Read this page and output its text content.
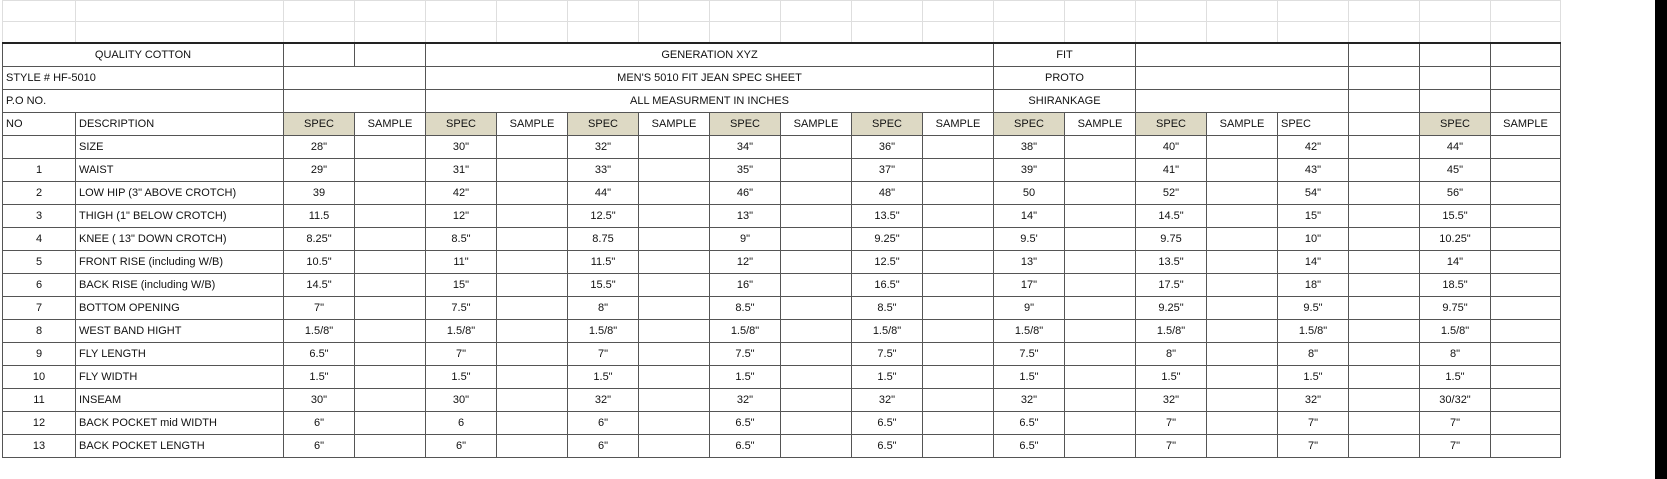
QUALITY COTTON				GENERATION XYZ								FIT							
STYLE # HF-5010				MEN'S 5010 FIT JEAN SPEC SHEET								PROTO							
P.O NO.				ALL MEASURMENT IN INCHES								SHIRANKAGE							
NO	DESCRIPTION	SPEC	SAMPLE	SPEC	SAMPLE	SPEC	SAMPLE	SPEC	SAMPLE	SPEC	SAMPLE	SPEC	SAMPLE	SPEC	SAMPLE	SPEC		SPEC	SAMPLE
	SIZE	28"		30"		32"		34"		36"		38"		40"		42"		44"	
1	WAIST	29"		31"		33"		35"		37"		39"		41"		43"		45"	
2	LOW HIP (3" ABOVE CROTCH)	39		42"		44"		46"		48"		50		52"		54"		56"	
3	THIGH (1" BELOW CROTCH)	11.5		12"		12.5"		13"		13.5"		14"		14.5"		15"		15.5"	
4	KNEE ( 13" DOWN CROTCH)	8.25"		8.5"		8.75		9"		9.25"		9.5'		9.75		10"		10.25"	
5	FRONT RISE (including W/B)	10.5"		11"		11.5"		12"		12.5"		13"		13.5"		14"		14"	
6	BACK RISE (including W/B)	14.5"		15"		15.5"		16"		16.5"		17"		17.5"		18"		18.5"	
7	BOTTOM OPENING	7"		7.5"		8"		8.5"		8.5"		9"		9.25"		9.5"		9.75"	
8	WEST BAND HIGHT	1.5/8"		1.5/8"		1.5/8"		1.5/8"		1.5/8"		1.5/8"		1.5/8"		1.5/8"		1.5/8"	
9	FLY LENGTH	6.5"		7"		7"		7.5"		7.5"		7.5"		8"		8"		8"	
10	FLY WIDTH	1.5"		1.5"		1.5"		1.5"		1.5"		1.5"		1.5"		1.5"		1.5"	
11	INSEAM	30"		30"		32"		32"		32"		32"		32"		32"		30/32"	
12	BACK POCKET mid WIDTH	6"		6		6"		6.5"		6.5"		6.5"		7"		7"		7"	
13	BACK POCKET LENGTH	6"		6"		6"		6.5"		6.5"		6.5"		7"		7"		7"	
